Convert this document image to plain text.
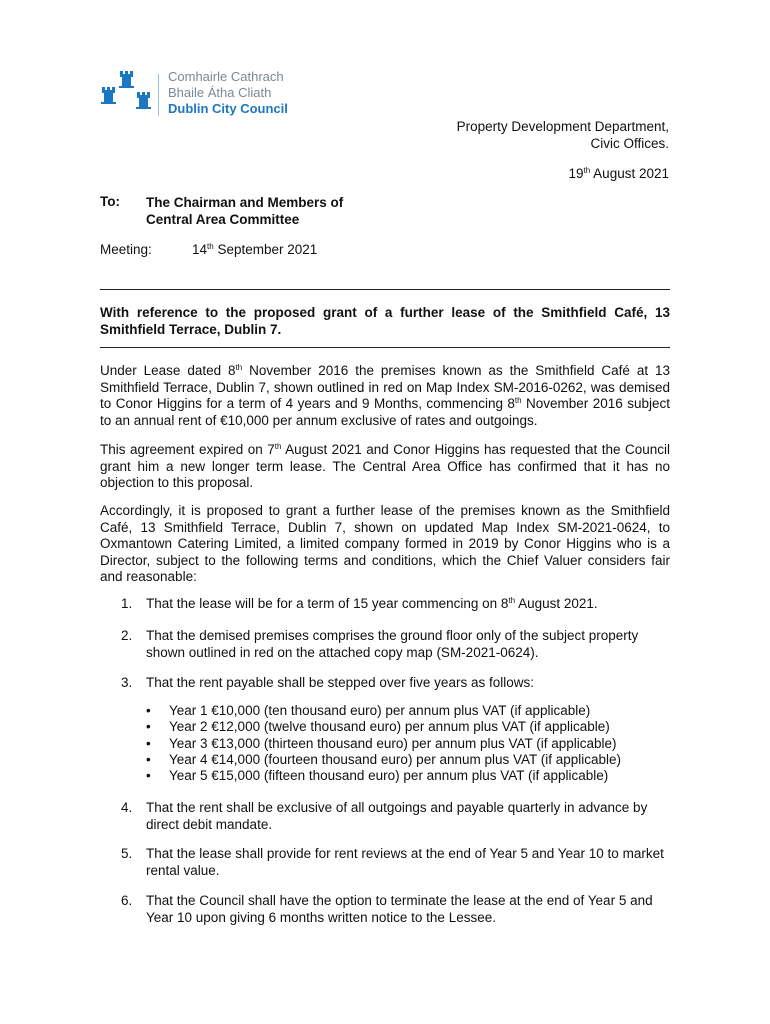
Comhairle Cathrach
Bhaile Átha Cliath
Dublin City Council
Property Development Department,
Civic Offices.
19th August 2021
To: The Chairman and Members of
Central Area Committee
Meeting:	14th September 2021
With reference to the proposed grant of a further lease of the Smithfield Café, 13 Smithfield Terrace, Dublin 7.

Under Lease dated 8th November 2016 the premises known as the Smithfield Café at 13 Smithfield Terrace, Dublin 7, shown outlined in red on Map Index SM-2016-0262, was demised to Conor Higgins for a term of 4 years and 9 Months, commencing 8th November 2016 subject to an annual rent of €10,000 per annum exclusive of rates and outgoings.

This agreement expired on 7th August 2021 and Conor Higgins has requested that the Council grant him a new longer term lease. The Central Area Office has confirmed that it has no objection to this proposal.

Accordingly, it is proposed to grant a further lease of the premises known as the Smithfield Café, 13 Smithfield Terrace, Dublin 7, shown on updated Map Index SM-2021-0624, to Oxmantown Catering Limited, a limited company formed in 2019 by Conor Higgins who is a Director, subject to the following terms and conditions, which the Chief Valuer considers fair and reasonable:

1. That the lease will be for a term of 15 year commencing on 8th August 2021.
2. That the demised premises comprises the ground floor only of the subject property shown outlined in red on the attached copy map (SM-2021-0624).
3. That the rent payable shall be stepped over five years as follows:
• Year 1 €10,000 (ten thousand euro) per annum plus VAT (if applicable)
• Year 2 €12,000 (twelve thousand euro) per annum plus VAT (if applicable)
• Year 3 €13,000 (thirteen thousand euro) per annum plus VAT (if applicable)
• Year 4 €14,000 (fourteen thousand euro) per annum plus VAT (if applicable)
• Year 5 €15,000 (fifteen thousand euro) per annum plus VAT (if applicable)
4. That the rent shall be exclusive of all outgoings and payable quarterly in advance by direct debit mandate.
5. That the lease shall provide for rent reviews at the end of Year 5 and Year 10 to market rental value.
6. That the Council shall have the option to terminate the lease at the end of Year 5 and Year 10 upon giving 6 months written notice to the Lessee.
